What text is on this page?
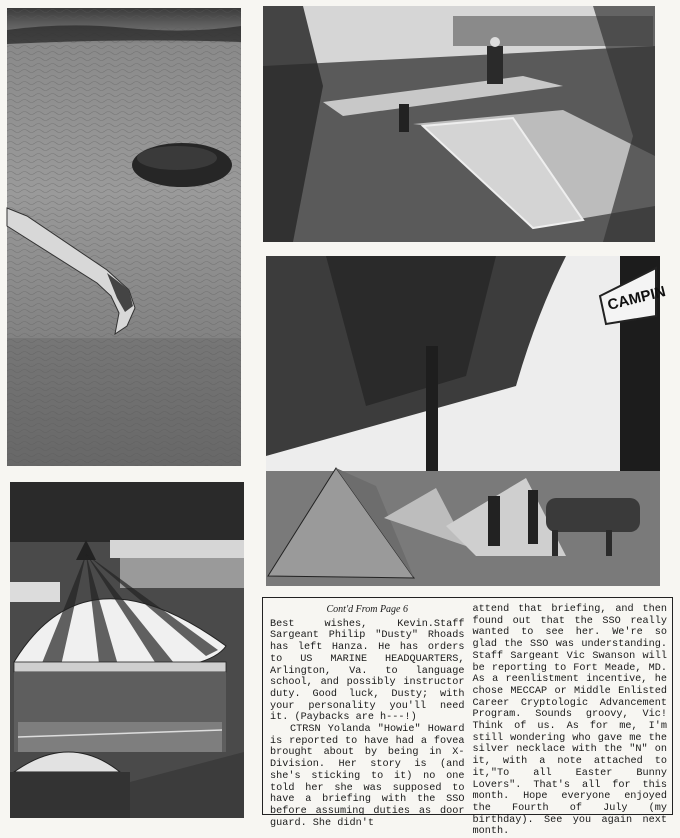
CAMPIN
Cont'd From Page 6

Best wishes, Kevin.Staff Sargeant Philip "Dusty" Rhoads has left Hanza. He has orders to US MARINE HEADQUARTERS, Arlington, Va. to language school, and possibly instructor duty. Good luck, Dusty; with your personality you'll need it. (Paybacks are h---!)

CTRSN Yolanda "Howie" Howard is reported to have had a fovea brought about by being in X-Division. Her story is (and she's sticking to it) no one told her she was supposed to have a briefing with the SSO before assuming duties as door guard. She didn't

attend that briefing, and then found out that the SSO really wanted to see her. We're so glad the SSO was understanding. Staff Sargeant Vic Swanson will be reporting to Fort Meade, MD. As a reenlistment incentive, he chose MECCAP or Middle Enlisted Career Cryptologic Advancement Program. Sounds groovy, Vic! Think of us. As for me, I'm still wondering who gave me the silver necklace with the "N" on it, with a note attached to it,"To all Easter Bunny Lovers". That's all for this month. Hope everyone enjoyed the Fourth of July (my birthday). See you again next month.
